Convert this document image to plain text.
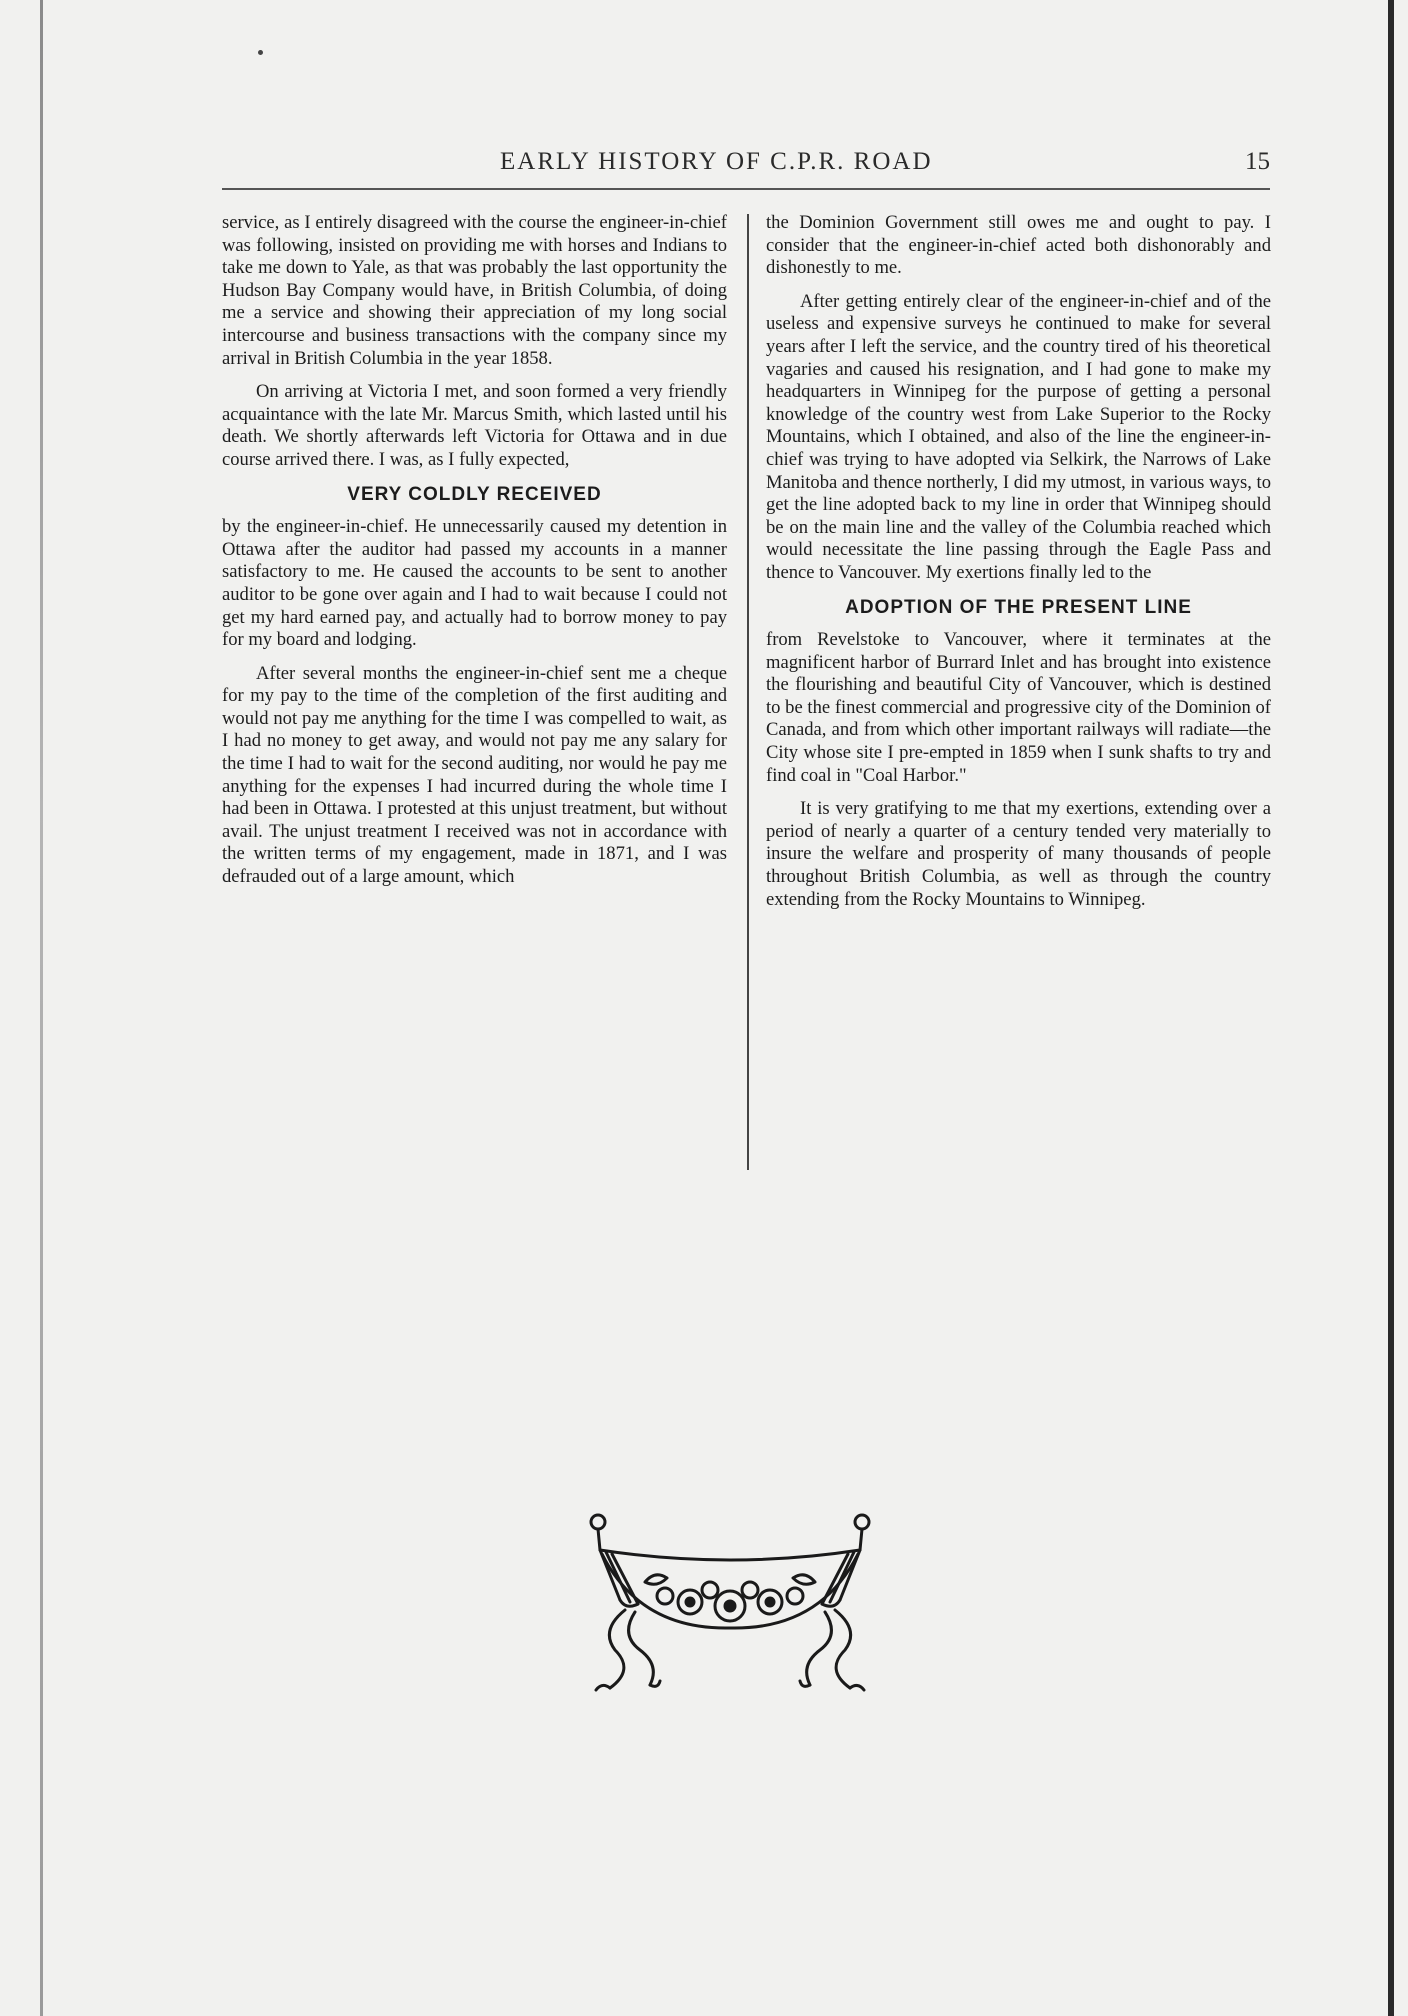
EARLY HISTORY OF C.P.R. ROAD	15

service, as I entirely disagreed with the course the engineer-in-chief was following, insisted on providing me with horses and Indians to take me down to Yale, as that was probably the last opportunity the Hudson Bay Company would have, in British Columbia, of doing me a service and showing their appreciation of my long social intercourse and business transactions with the company since my arrival in British Columbia in the year 1858.

On arriving at Victoria I met, and soon formed a very friendly acquaintance with the late Mr. Marcus Smith, which lasted until his death. We shortly afterwards left Victoria for Ottawa and in due course arrived there. I was, as I fully expected,

VERY COLDLY RECEIVED

by the engineer-in-chief. He unnecessarily caused my detention in Ottawa after the auditor had passed my accounts in a manner satisfactory to me. He caused the accounts to be sent to another auditor to be gone over again and I had to wait because I could not get my hard earned pay, and actually had to borrow money to pay for my board and lodging.

After several months the engineer-in-chief sent me a cheque for my pay to the time of the completion of the first auditing and would not pay me anything for the time I was compelled to wait, as I had no money to get away, and would not pay me any salary for the time I had to wait for the second auditing, nor would he pay me anything for the expenses I had incurred during the whole time I had been in Ottawa. I protested at this unjust treatment, but without avail. The unjust treatment I received was not in accordance with the written terms of my engagement, made in 1871, and I was defrauded out of a large amount, which

the Dominion Government still owes me and ought to pay. I consider that the engineer-in-chief acted both dishonorably and dishonestly to me.

After getting entirely clear of the engineer-in-chief and of the useless and expensive surveys he continued to make for several years after I left the service, and the country tired of his theoretical vagaries and caused his resignation, and I had gone to make my headquarters in Winnipeg for the purpose of getting a personal knowledge of the country west from Lake Superior to the Rocky Mountains, which I obtained, and also of the line the engineer-in-chief was trying to have adopted via Selkirk, the Narrows of Lake Manitoba and thence northerly, I did my utmost, in various ways, to get the line adopted back to my line in order that Winnipeg should be on the main line and the valley of the Columbia reached which would necessitate the line passing through the Eagle Pass and thence to Vancouver. My exertions finally led to the

ADOPTION OF THE PRESENT LINE

from Revelstoke to Vancouver, where it terminates at the magnificent harbor of Burrard Inlet and has brought into existence the flourishing and beautiful City of Vancouver, which is destined to be the finest commercial and progressive city of the Dominion of Canada, and from which other important railways will radiate—the City whose site I pre-empted in 1859 when I sunk shafts to try and find coal in "Coal Harbor."

It is very gratifying to me that my exertions, extending over a period of nearly a quarter of a century tended very materially to insure the welfare and prosperity of many thousands of people throughout British Columbia, as well as through the country extending from the Rocky Mountains to Winnipeg.
